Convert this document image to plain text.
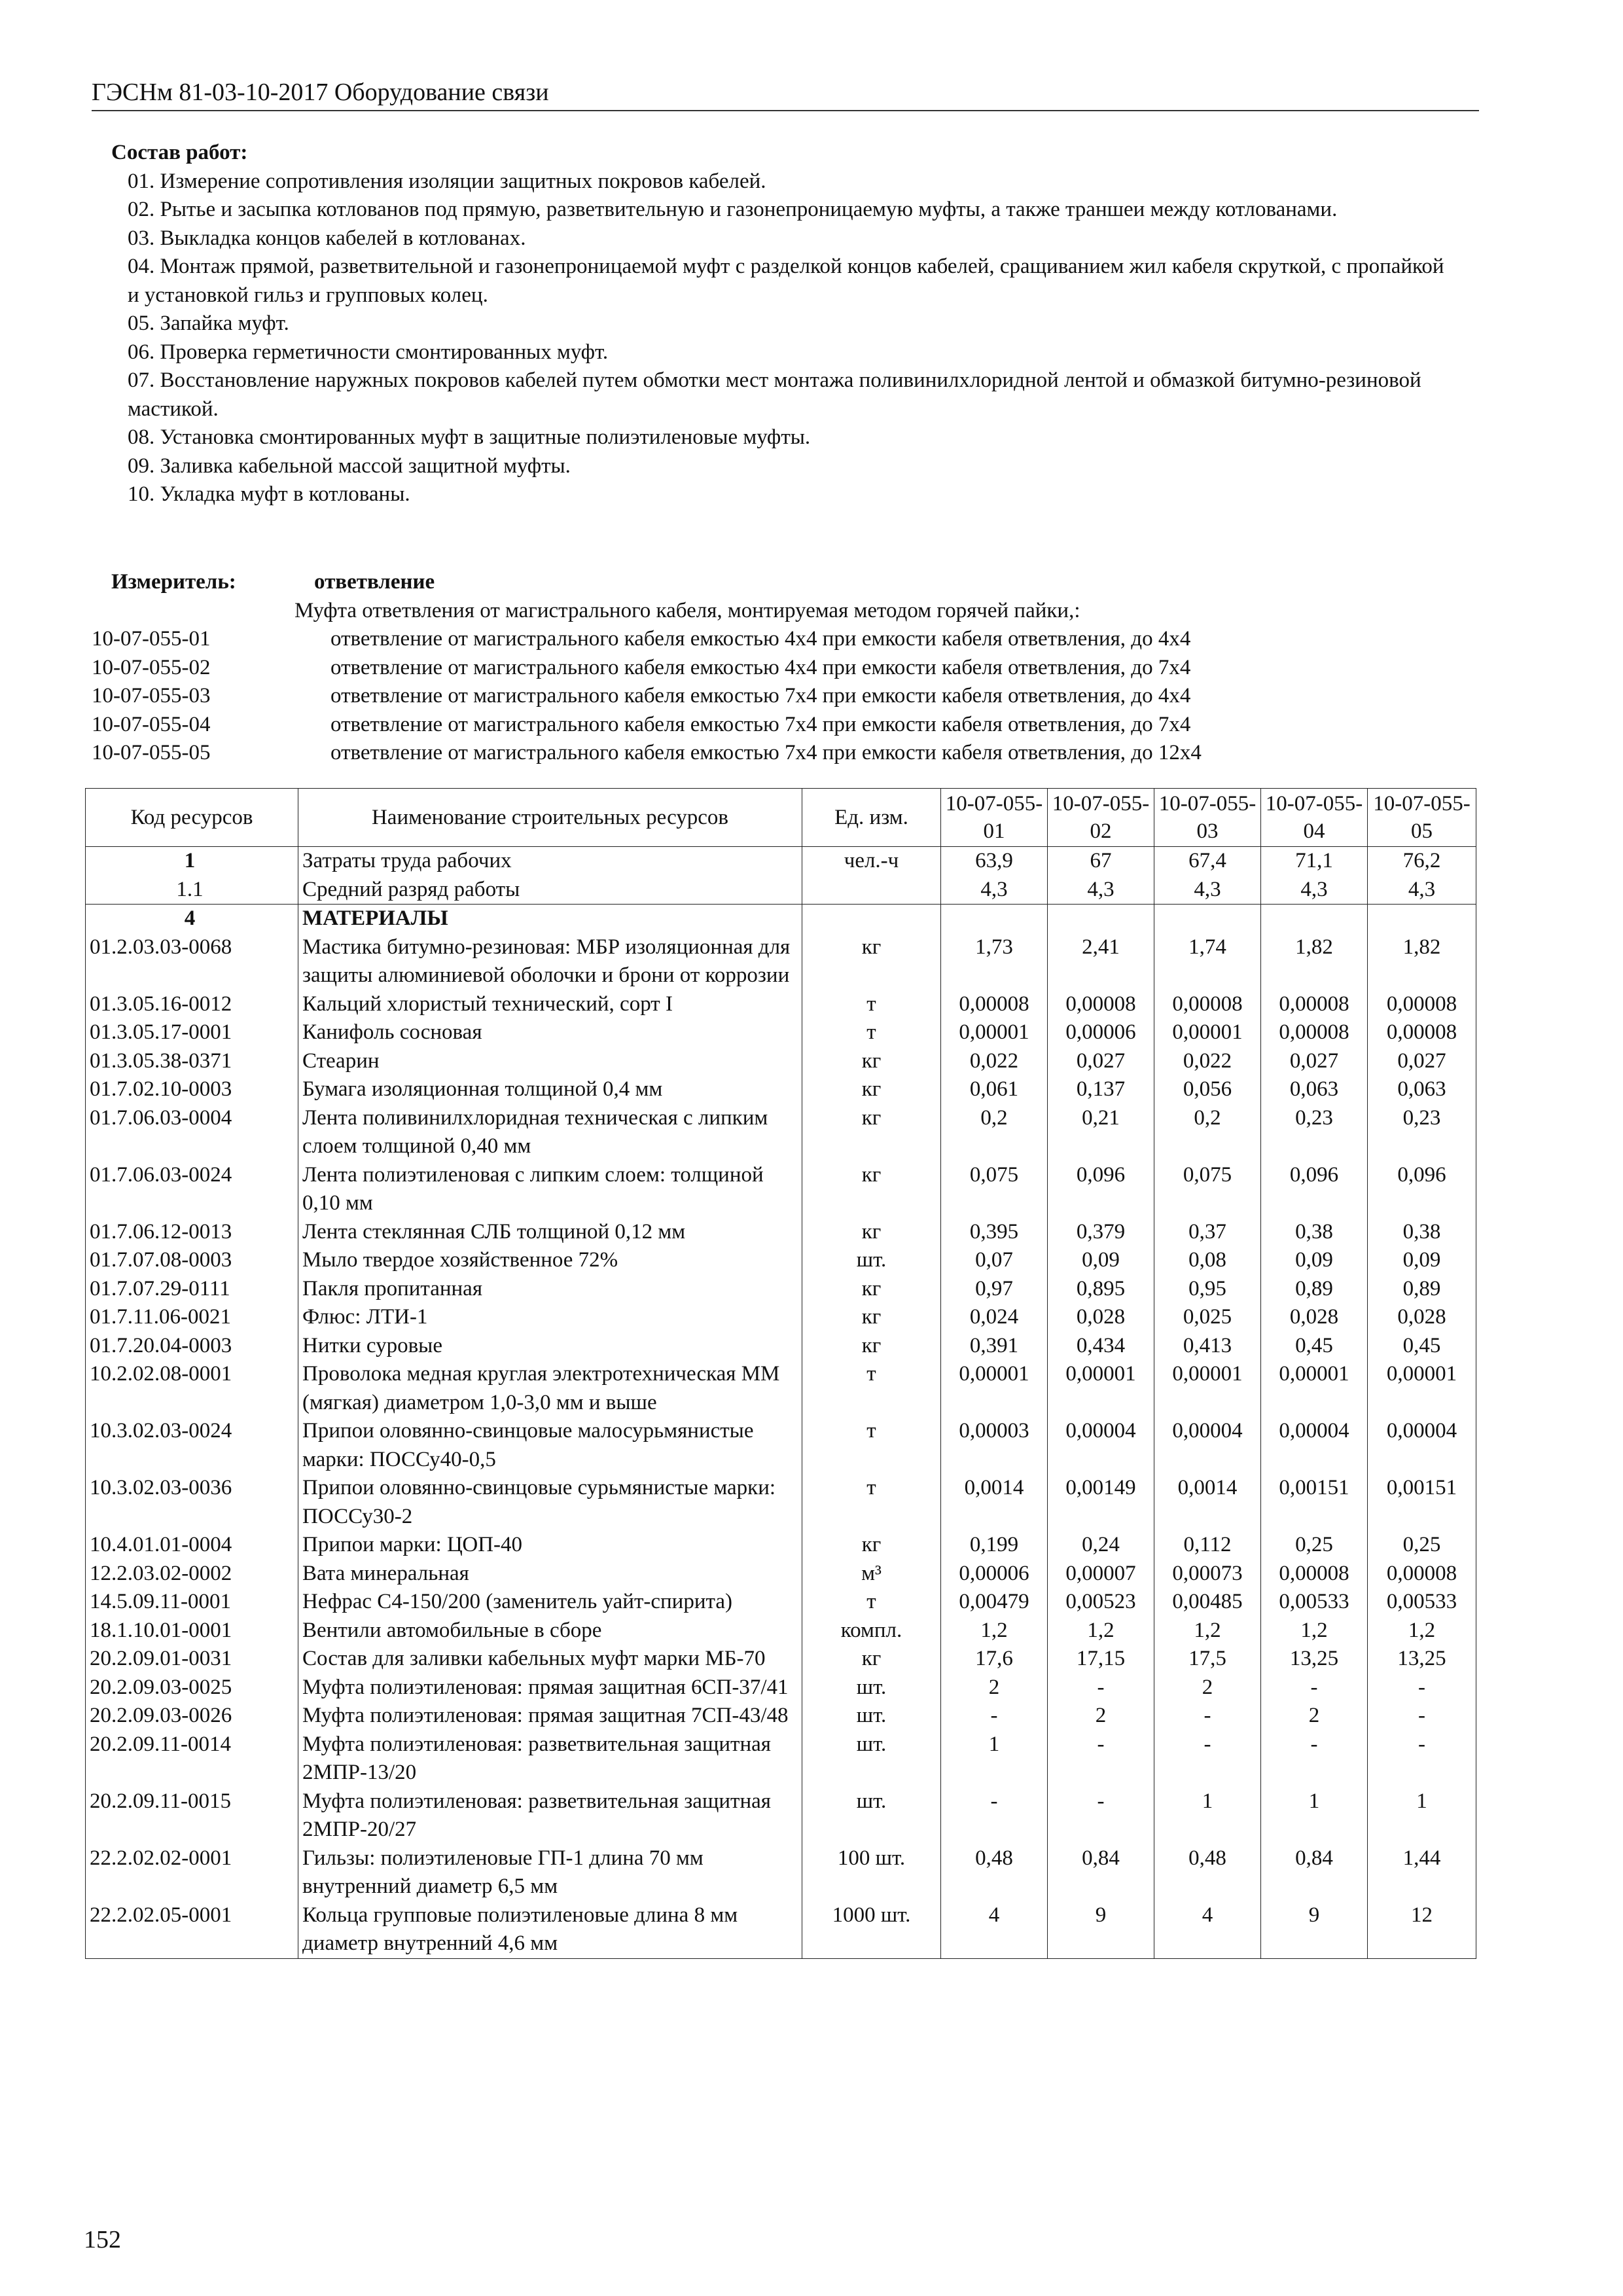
ГЭСНм 81-03-10-2017 Оборудование связи
Состав работ:
01. Измерение сопротивления изоляции защитных покровов кабелей.
02. Рытье и засыпка котлованов под прямую, разветвительную и газонепроницаемую муфты, а также траншеи между котлованами.
03. Выкладка концов кабелей в котлованах.
04. Монтаж прямой, разветвительной и газонепроницаемой муфт с разделкой концов кабелей, сращиванием жил кабеля скруткой, с пропайкой и установкой гильз и групповых колец.
05. Запайка муфт.
06. Проверка герметичности смонтированных муфт.
07. Восстановление наружных покровов кабелей путем обмотки мест монтажа поливинилхлоридной лентой и обмазкой битумно-резиновой мастикой.
08. Установка смонтированных муфт в защитные полиэтиленовые муфты.
09. Заливка кабельной массой защитной муфты.
10. Укладка муфт в котлованы.
Измеритель:	ответвление
Муфта ответвления от магистрального кабеля, монтируемая методом горячей пайки,:
10-07-055-01	ответвление от магистрального кабеля емкостью 4х4 при емкости кабеля ответвления, до 4х4
10-07-055-02	ответвление от магистрального кабеля емкостью 4х4 при емкости кабеля ответвления, до 7х4
10-07-055-03	ответвление от магистрального кабеля емкостью 7х4 при емкости кабеля ответвления, до 4х4
10-07-055-04	ответвление от магистрального кабеля емкостью 7х4 при емкости кабеля ответвления, до 7х4
10-07-055-05	ответвление от магистрального кабеля емкостью 7х4 при емкости кабеля ответвления, до 12х4
Код ресурсов	Наименование строительных ресурсов	Ед. изм.	10-07-055-01	10-07-055-02	10-07-055-03	10-07-055-04	10-07-055-05
1	Затраты труда рабочих	чел.-ч	63,9	67	67,4	71,1	76,2
1.1	Средний разряд работы		4,3	4,3	4,3	4,3	4,3
4	МАТЕРИАЛЫ						
01.2.03.03-0068	Мастика битумно-резиновая: МБР изоляционная для защиты алюминиевой оболочки и брони от коррозии	кг	1,73	2,41	1,74	1,82	1,82
01.3.05.16-0012	Кальций хлористый технический, сорт I	т	0,00008	0,00008	0,00008	0,00008	0,00008
01.3.05.17-0001	Канифоль сосновая	т	0,00001	0,00006	0,00001	0,00008	0,00008
01.3.05.38-0371	Стеарин	кг	0,022	0,027	0,022	0,027	0,027
01.7.02.10-0003	Бумага изоляционная толщиной 0,4 мм	кг	0,061	0,137	0,056	0,063	0,063
01.7.06.03-0004	Лента поливинилхлоридная техническая с липким слоем толщиной 0,40 мм	кг	0,2	0,21	0,2	0,23	0,23
01.7.06.03-0024	Лента полиэтиленовая с липким слоем: толщиной 0,10 мм	кг	0,075	0,096	0,075	0,096	0,096
01.7.06.12-0013	Лента стеклянная СЛБ толщиной 0,12 мм	кг	0,395	0,379	0,37	0,38	0,38
01.7.07.08-0003	Мыло твердое хозяйственное 72%	шт.	0,07	0,09	0,08	0,09	0,09
01.7.07.29-0111	Пакля пропитанная	кг	0,97	0,895	0,95	0,89	0,89
01.7.11.06-0021	Флюс: ЛТИ-1	кг	0,024	0,028	0,025	0,028	0,028
01.7.20.04-0003	Нитки суровые	кг	0,391	0,434	0,413	0,45	0,45
10.2.02.08-0001	Проволока медная круглая электротехническая ММ (мягкая) диаметром 1,0-3,0 мм и выше	т	0,00001	0,00001	0,00001	0,00001	0,00001
10.3.02.03-0024	Припои оловянно-свинцовые малосурьмянистые марки: ПОССу40-0,5	т	0,00003	0,00004	0,00004	0,00004	0,00004
10.3.02.03-0036	Припои оловянно-свинцовые сурьмянистые марки: ПОССу30-2	т	0,0014	0,00149	0,0014	0,00151	0,00151
10.4.01.01-0004	Припои марки: ЦОП-40	кг	0,199	0,24	0,112	0,25	0,25
12.2.03.02-0002	Вата минеральная	м³	0,00006	0,00007	0,00073	0,00008	0,00008
14.5.09.11-0001	Нефрас С4-150/200 (заменитель уайт-спирита)	т	0,00479	0,00523	0,00485	0,00533	0,00533
18.1.10.01-0001	Вентили автомобильные в сборе	компл.	1,2	1,2	1,2	1,2	1,2
20.2.09.01-0031	Состав для заливки кабельных муфт марки МБ-70	кг	17,6	17,15	17,5	13,25	13,25
20.2.09.03-0025	Муфта полиэтиленовая: прямая защитная 6СП-37/41	шт.	2	-	2	-	-
20.2.09.03-0026	Муфта полиэтиленовая: прямая защитная 7СП-43/48	шт.	-	2	-	2	-
20.2.09.11-0014	Муфта полиэтиленовая: разветвительная защитная 2МПР-13/20	шт.	1	-	-	-	-
20.2.09.11-0015	Муфта полиэтиленовая: разветвительная защитная 2МПР-20/27	шт.	-	-	1	1	1
22.2.02.02-0001	Гильзы: полиэтиленовые ГП-1 длина 70 мм внутренний диаметр 6,5 мм	100 шт.	0,48	0,84	0,48	0,84	1,44
22.2.02.05-0001	Кольца групповые полиэтиленовые длина 8 мм диаметр внутренний 4,6 мм	1000 шт.	4	9	4	9	12
152
